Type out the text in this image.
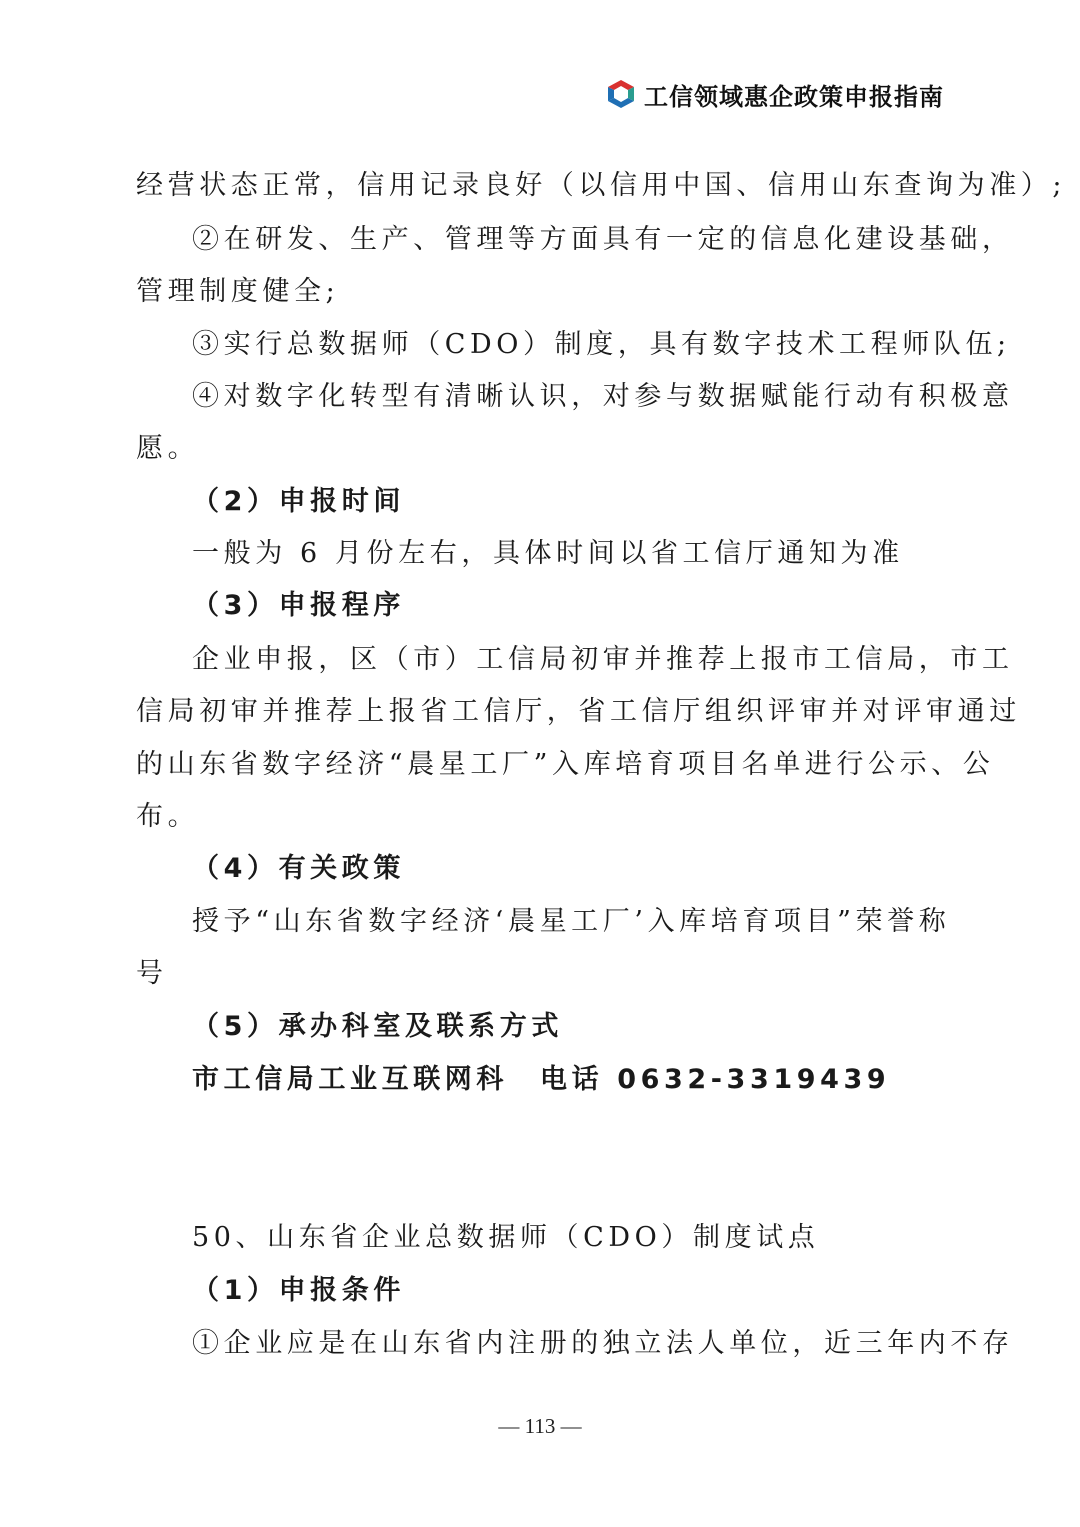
工信领域惠企政策申报指南
经营状态正常，信用记录良好（以信用中国、信用山东查询为准）;
②在研发、生产、管理等方面具有一定的信息化建设基础，
管理制度健全;
③实行总数据师（CDO）制度，具有数字技术工程师队伍;
④对数字化转型有清晰认识，对参与数据赋能行动有积极意
愿。
（2）申报时间
一般为 6 月份左右，具体时间以省工信厅通知为准
（3）申报程序
企业申报，区（市）工信局初审并推荐上报市工信局，市工
信局初审并推荐上报省工信厅，省工信厅组织评审并对评审通过
的山东省数字经济“晨星工厂”入库培育项目名单进行公示、公
布。
（4）有关政策
授予“山东省数字经济‘晨星工厂’入库培育项目”荣誉称
号
（5）承办科室及联系方式
市工信局工业互联网科 电话 0632-3319439
50、山东省企业总数据师（CDO）制度试点
（1）申报条件
①企业应是在山东省内注册的独立法人单位，近三年内不存
— 113 —
